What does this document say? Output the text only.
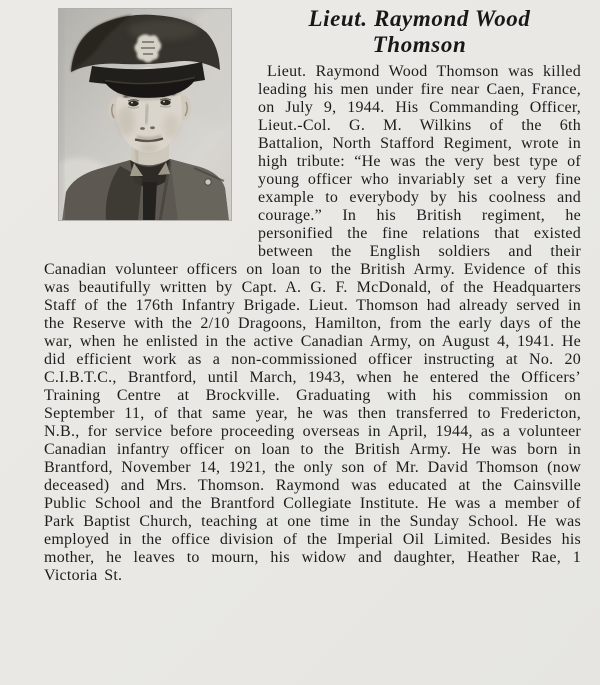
Lieut. Raymond Wood
Thomson

Lieut. Raymond Wood Thomson was killed leading his men under fire near Caen, France, on July 9, 1944. His Commanding Officer, Lieut.-Col. G. M. Wilkins of the 6th Battalion, North Stafford Regiment, wrote in high tribute: “He was the very best type of young officer who invariably set a very fine example to everybody by his coolness and courage.” In his British regiment, he personified the fine relations that existed between the English soldiers and their Canadian volunteer officers on loan to the British Army. Evidence of this was beautifully written by Capt. A. G. F. McDonald, of the Headquarters Staff of the 176th Infantry Brigade. Lieut. Thomson had already served in the Reserve with the 2/10 Dragoons, Hamilton, from the early days of the war, when he enlisted in the active Canadian Army, on August 4, 1941. He did efficient work as a non-commissioned officer instructing at No. 20 C.I.B.T.C., Brantford, until March, 1943, when he entered the Officers’ Training Centre at Brockville. Graduating with his commission on September 11, of that same year, he was then transferred to Fredericton, N.B., for service before proceeding overseas in April, 1944, as a volunteer Canadian infantry officer on loan to the British Army. He was born in Brantford, November 14, 1921, the only son of Mr. David Thomson (now deceased) and Mrs. Thomson. Raymond was educated at the Cainsville Public School and the Brantford Collegiate Institute. He was a member of Park Baptist Church, teaching at one time in the Sunday School. He was employed in the office division of the Imperial Oil Limited. Besides his mother, he leaves to mourn, his widow and daughter, Heather Rae, 1 Victoria St.
